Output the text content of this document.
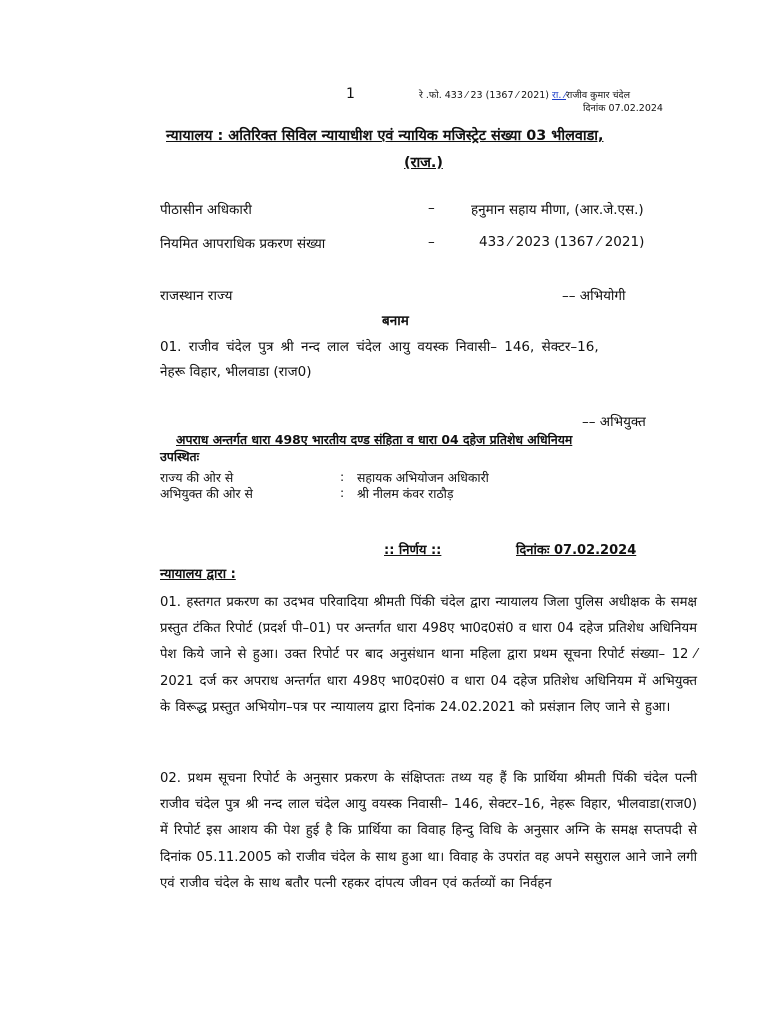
1	रे .फो. 433 ⁄ 23 (1367 ⁄ 2021) रा. ⁄राजीव कुमार चंदेल
दिनांक 07.02.2024
न्यायालय : अतिरिक्त सिविल न्यायाधीश एवं न्यायिक मजिस्ट्रेट संख्या 03 भीलवाडा,
(राज.)
पीठासीन अधिकारी	–	हनुमान सहाय मीणा, (आर.जे.एस.)
नियमित आपराधिक प्रकरण संख्या	–	433 ⁄ 2023 (1367 ⁄ 2021)
राजस्थान राज्य	–– अभियोगी
बनाम
01. राजीव चंदेल पुत्र श्री नन्द लाल चंदेल आयु वयस्क निवासी– 146, सेक्टर–16,
नेहरू विहार, भीलवाडा (राज0)
–– अभियुक्त
अपराध अन्तर्गत धारा 498ए भारतीय दण्ड संहिता व धारा 04 दहेज प्रतिशेध अधिनियम
उपस्थितः
राज्य की ओर से	: सहायक अभियोजन अधिकारी
अभियुक्त की ओर से	: श्री नीलम कंवर राठौड़
:: निर्णय ::	दिनांकः 07.02.2024
न्यायालय द्वारा :
01. हस्तगत प्रकरण का उदभव परिवादिया श्रीमती पिंकी चंदेल द्वारा न्यायालय जिला पुलिस अधीक्षक के समक्ष प्रस्तुत टंकित रिपोर्ट (प्रदर्श पी–01) पर अन्तर्गत धारा 498ए भा0द0सं0 व धारा 04 दहेज प्रतिशेध अधिनियम पेश किये जाने से हुआ। उक्त रिपोर्ट पर बाद अनुसंधान थाना महिला द्वारा प्रथम सूचना रिपोर्ट संख्या– 12 ⁄ 2021 दर्ज कर अपराध अन्तर्गत धारा 498ए भा0द0सं0 व धारा 04 दहेज प्रतिशेध अधिनियम में अभियुक्त के विरूद्ध प्रस्तुत अभियोग–पत्र पर न्यायालय द्वारा दिनांक 24.02.2021 को प्रसंज्ञान लिए जाने से हुआ।
02. प्रथम सूचना रिपोर्ट के अनुसार प्रकरण के संक्षिप्ततः तथ्य यह हैं कि प्रार्थिया श्रीमती पिंकी चंदेल पत्नी राजीव चंदेल पुत्र श्री नन्द लाल चंदेल आयु वयस्क निवासी– 146, सेक्टर–16, नेहरू विहार, भीलवाडा(राज0) में रिपोर्ट इस आशय की पेश हुई है कि प्रार्थिया का विवाह हिन्दु विधि के अनुसार अग्नि के समक्ष सप्तपदी से दिनांक 05.11.2005 को राजीव चंदेल के साथ हुआ था। विवाह के उपरांत वह अपने ससुराल आने जाने लगी एवं राजीव चंदेल के साथ बतौर पत्नी रहकर दांपत्य जीवन एवं कर्तव्यों का निर्वहन
